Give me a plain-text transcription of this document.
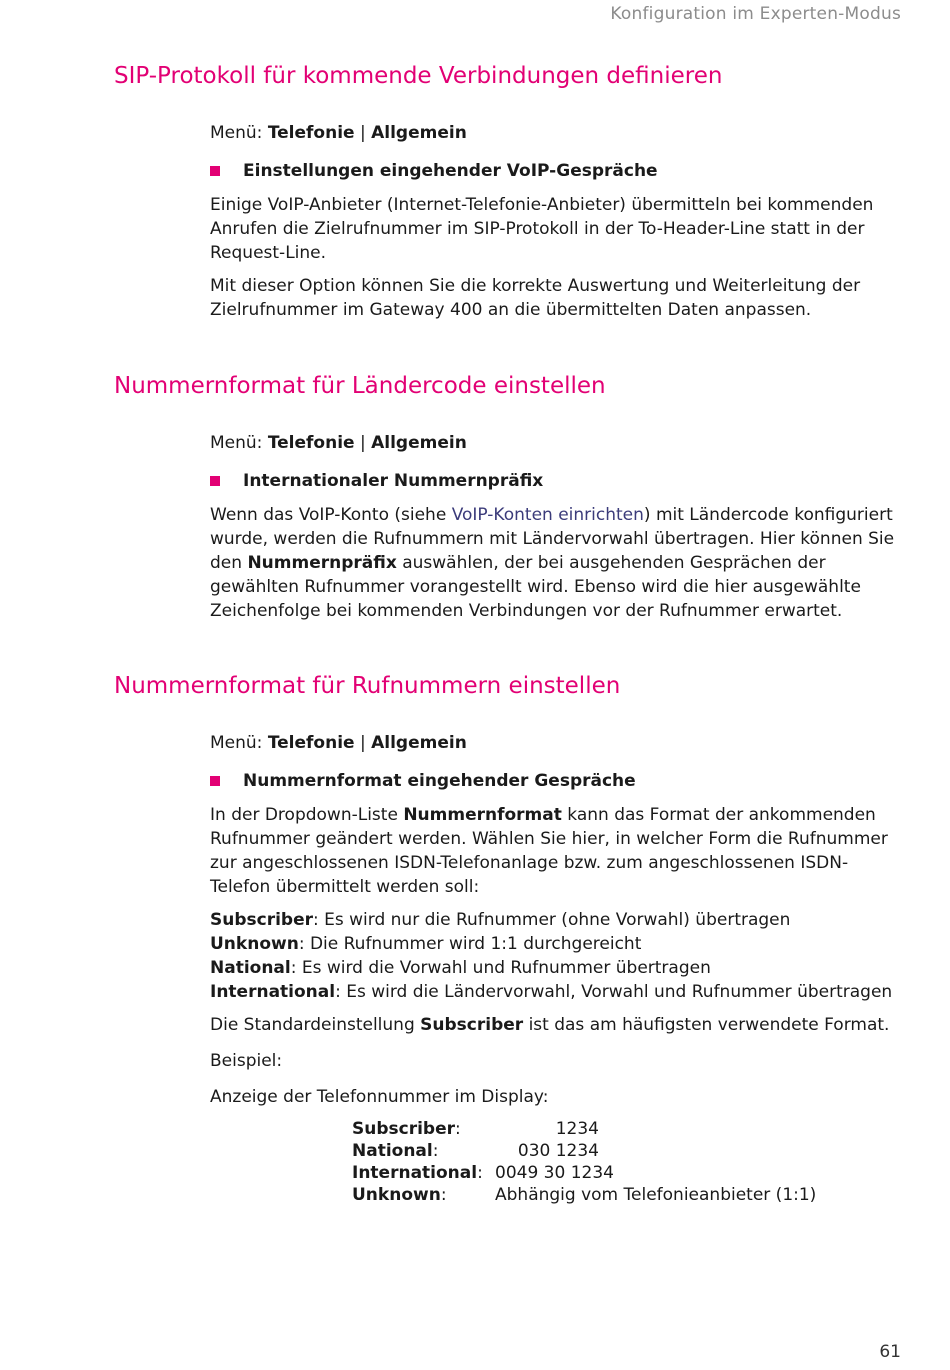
Konfiguration im Experten-Modus
SIP-Protokoll für kommende Verbindungen definieren

Menü: Telefonie | Allgemein

Einstellungen eingehender VoIP-Gespräche

Einige VoIP-Anbieter (Internet-Telefonie-Anbieter) übermitteln bei kommenden Anrufen die Zielrufnummer im SIP-Protokoll in der To-Header-Line statt in der Request-Line.

Mit dieser Option können Sie die korrekte Auswertung und Weiterleitung der Zielrufnummer im Gateway 400 an die übermittelten Daten anpassen.

Nummernformat für Ländercode einstellen

Menü: Telefonie | Allgemein

Internationaler Nummernpräfix

Wenn das VoIP-Konto (siehe VoIP-Konten einrichten) mit Ländercode konfiguriert wurde, werden die Rufnummern mit Ländervorwahl übertragen. Hier können Sie den Nummernpräfix auswählen, der bei ausgehenden Gesprächen der gewählten Rufnummer vorangestellt wird. Ebenso wird die hier ausgewählte Zeichenfolge bei kommenden Verbindungen vor der Rufnummer erwartet.

Nummernformat für Rufnummern einstellen

Menü: Telefonie | Allgemein

Nummernformat eingehender Gespräche

In der Dropdown-Liste Nummernformat kann das Format der ankommenden Rufnummer geändert werden. Wählen Sie hier, in welcher Form die Rufnummer zur angeschlossenen ISDN-Telefonanlage bzw. zum angeschlossenen ISDN-Telefon übermittelt werden soll:

Subscriber: Es wird nur die Rufnummer (ohne Vorwahl) übertragen
Unknown: Die Rufnummer wird 1:1 durchgereicht
National: Es wird die Vorwahl und Rufnummer übertragen
International: Es wird die Ländervorwahl, Vorwahl und Rufnummer übertragen

Die Standardeinstellung Subscriber ist das am häufigsten verwendete Format.

Beispiel:

Anzeige der Telefonnummer im Display:

Subscriber:	1234
National:	030 1234
International:	0049 30 1234
Unknown:	Abhängig vom Telefonieanbieter (1:1)
61
